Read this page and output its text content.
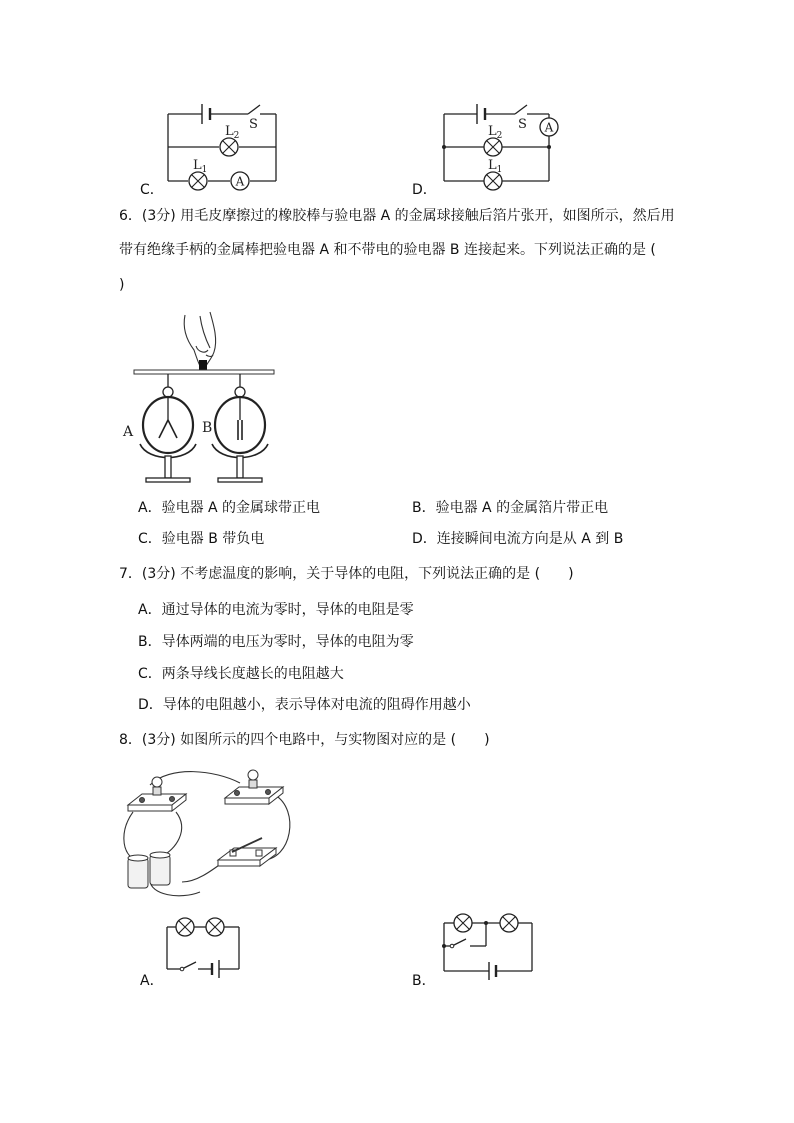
C．
A
S
$L_2$
$L_1$
D．
A
S
$L_2$
$L_1$
6．(3分) 用毛皮摩擦过的橡胶棒与验电器 A 的金属球接触后箔片张开，如图所示，然后用
带有绝缘手柄的金属棒把验电器 A 和不带电的验电器 B 连接起来。下列说法正确的是 (
)
A	B
A．验电器 A 的金属球带正电	B．验电器 A 的金属箔片带正电
C．验电器 B 带负电	D．连接瞬间电流方向是从 A 到 B
7．(3分) 不考虑温度的影响，关于导体的电阻，下列说法正确的是 (　　)
A．通过导体的电流为零时，导体的电阻是零
B．导体两端的电压为零时，导体的电阻为零
C．两条导线长度越长的电阻越大
D．导体的电阻越小，表示导体对电流的阻碍作用越小
8．(3分) 如图所示的四个电路中，与实物图对应的是 (　　)
A．	B．
